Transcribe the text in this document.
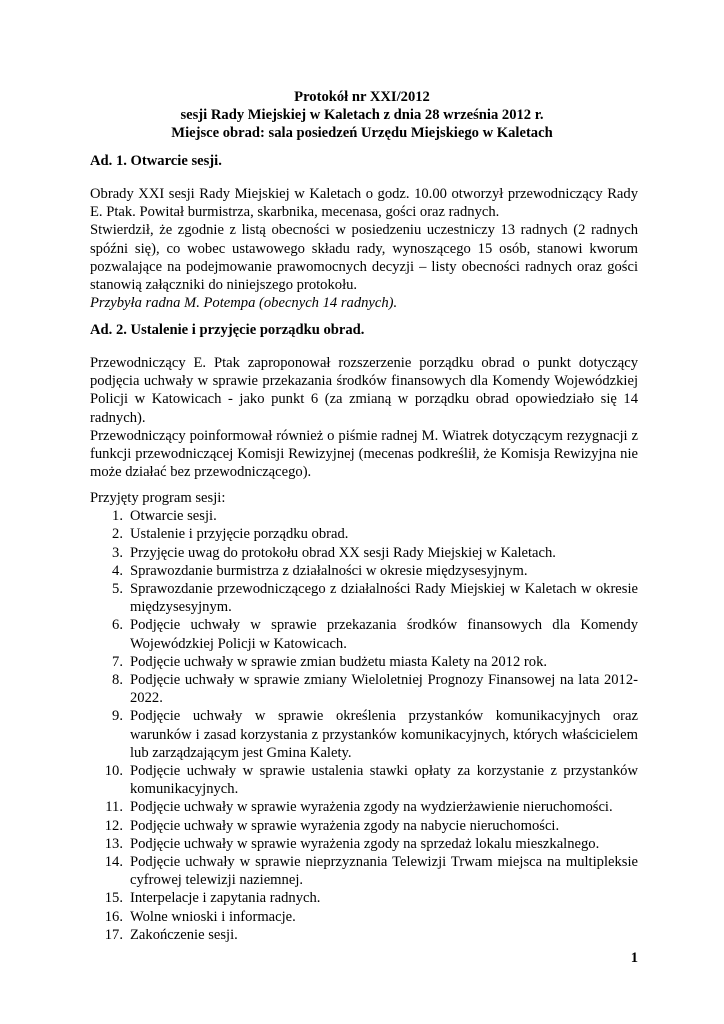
Protokół nr XXI/2012
sesji Rady Miejskiej w Kaletach z dnia 28 września 2012 r.
Miejsce obrad: sala posiedzeń Urzędu Miejskiego w Kaletach
Ad. 1. Otwarcie sesji.

Obrady XXI sesji Rady Miejskiej w Kaletach o godz. 10.00 otworzył przewodniczący Rady E. Ptak. Powitał burmistrza, skarbnika, mecenasa, gości oraz radnych.

Stwierdził, że zgodnie z listą obecności w posiedzeniu uczestniczy 13 radnych (2 radnych spóźni się), co wobec ustawowego składu rady, wynoszącego 15 osób, stanowi kworum pozwalające na podejmowanie prawomocnych decyzji – listy obecności radnych oraz gości stanowią załączniki do niniejszego protokołu.

Przybyła radna M. Potempa (obecnych 14 radnych).

Ad. 2. Ustalenie i przyjęcie porządku obrad.

Przewodniczący E. Ptak zaproponował rozszerzenie porządku obrad o punkt dotyczący podjęcia uchwały w sprawie przekazania środków finansowych dla Komendy Wojewódzkiej Policji w Katowicach - jako punkt 6 (za zmianą w porządku obrad opowiedziało się 14 radnych).

Przewodniczący poinformował również o piśmie radnej M. Wiatrek dotyczącym rezygnacji z funkcji przewodniczącej Komisji Rewizyjnej (mecenas podkreślił, że Komisja Rewizyjna nie może działać bez przewodniczącego).

Przyjęty program sesji:
1. Otwarcie sesji.
2. Ustalenie i przyjęcie porządku obrad.
3. Przyjęcie uwag do protokołu obrad XX sesji Rady Miejskiej w Kaletach.
4. Sprawozdanie burmistrza z działalności w okresie międzysesyjnym.
5. Sprawozdanie przewodniczącego z działalności Rady Miejskiej w Kaletach w okresie międzysesyjnym.
6. Podjęcie uchwały w sprawie przekazania środków finansowych dla Komendy Wojewódzkiej Policji w Katowicach.
7. Podjęcie uchwały w sprawie zmian budżetu miasta Kalety na 2012 rok.
8. Podjęcie uchwały w sprawie zmiany Wieloletniej Prognozy Finansowej na lata 2012-2022.
9. Podjęcie uchwały w sprawie określenia przystanków komunikacyjnych oraz warunków i zasad korzystania z przystanków komunikacyjnych, których właścicielem lub zarządzającym jest Gmina Kalety.
10. Podjęcie uchwały w sprawie ustalenia stawki opłaty za korzystanie z przystanków komunikacyjnych.
11. Podjęcie uchwały w sprawie wyrażenia zgody na wydzierżawienie nieruchomości.
12. Podjęcie uchwały w sprawie wyrażenia zgody na nabycie nieruchomości.
13. Podjęcie uchwały w sprawie wyrażenia zgody na sprzedaż lokalu mieszkalnego.
14. Podjęcie uchwały w sprawie nieprzyznania Telewizji Trwam miejsca na multipleksie cyfrowej telewizji naziemnej.
15. Interpelacje i zapytania radnych.
16. Wolne wnioski i informacje.
17. Zakończenie sesji.
1
